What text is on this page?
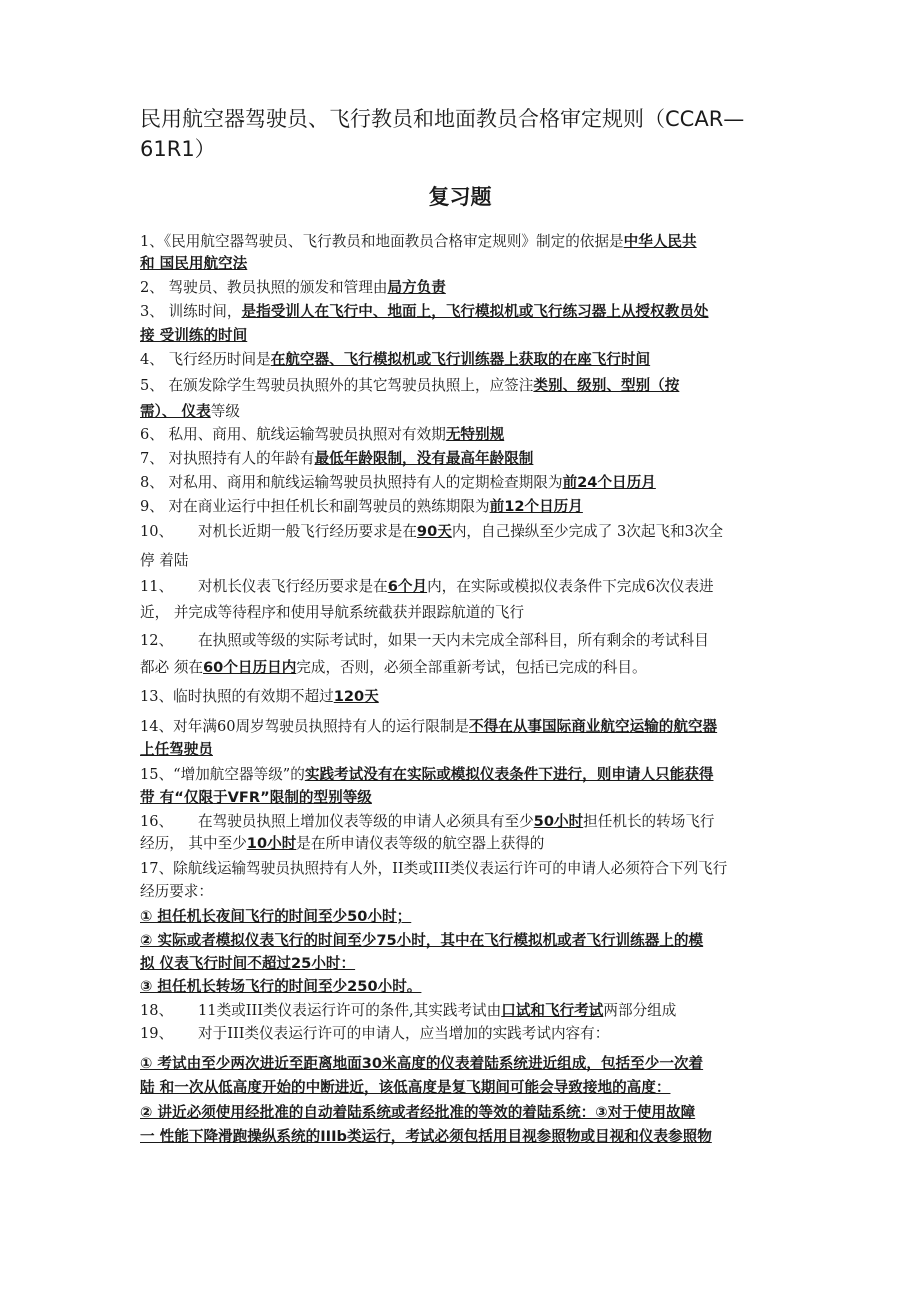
民用航空器驾驶员、飞行教员和地面教员合格审定规则（CCAR—61R1）
复习题
1、《民用航空器驾驶员、飞行教员和地面教员合格审定规则》制定的依据是中华人民共
和 国民用航空法
2、 驾驶员、教员执照的颁发和管理由局方负责
3、 训练时间，是指受训人在飞行中、地面上，飞行模拟机或飞行练习器上从授权教员处
接 受训练的时间
4、 飞行经历时间是在航空器、飞行模拟机或飞行训练器上获取的在座飞行时间
5、 在颁发除学生驾驶员执照外的其它驾驶员执照上，应签注类别、级别、型别（按
需）、 仪表等级
6、 私用、商用、航线运输驾驶员执照对有效期无特别规
7、 对执照持有人的年龄有最低年龄限制，没有最高年龄限制
8、 对私用、商用和航线运输驾驶员执照持有人的定期检查期限为前24个日历月
9、 对在商业运行中担任机长和副驾驶员的熟练期限为前12个日历月
10、 对机长近期一般飞行经历要求是在90天内，自己操纵至少完成了 3次起飞和3次全
停 着陆
11、 对机长仪表飞行经历要求是在6个月内，在实际或模拟仪表条件下完成6次仪表进
近， 并完成等待程序和使用导航系统截获并跟踪航道的飞行
12、 在执照或等级的实际考试时，如果一天内未完成全部科目，所有剩余的考试科目
都必 须在60个日历日内完成，否则，必须全部重新考试，包括已完成的科目。
13、临时执照的有效期不超过120天
14、对年满60周岁驾驶员执照持有人的运行限制是不得在从事国际商业航空运输的航空器
上任驾驶员
15、“增加航空器等级”的实践考试没有在实际或模拟仪表条件下进行，则申请人只能获得
带 有“仅限于VFR”限制的型别等级
16、 在驾驶员执照上增加仪表等级的申请人必须具有至少50小时担任机长的转场飞行
经历， 其中至少10小时是在所申请仪表等级的航空器上获得的
17、除航线运输驾驶员执照持有人外，II类或III类仪表运行许可的申请人必须符合下列飞行
经历要求：
① 担任机长夜间飞行的时间至少50小时；
② 实际或者模拟仪表飞行的时间至少75小时，其中在飞行模拟机或者飞行训练器上的模
拟 仪表飞行时间不超过25小时：
③ 担任机长转场飞行的时间至少250小时。
18、 11类或III类仪表运行许可的条件,其实践考试由口试和飞行考试两部分组成
19、 对于III类仪表运行许可的申请人，应当增加的实践考试内容有：
① 考试由至少两次进近至距离地面30米高度的仪表着陆系统进近组成，包括至少一次着
陆 和一次从低高度开始的中断进近，该低高度是复飞期间可能会导致接地的高度：
② 讲近必须使用经批准的自动着陆系统或者经批准的等效的着陆系统：③对于使用故障
一 性能下降滑跑操纵系统的IIIb类运行，考试必须包括用目视参照物或目视和仪表参照物
